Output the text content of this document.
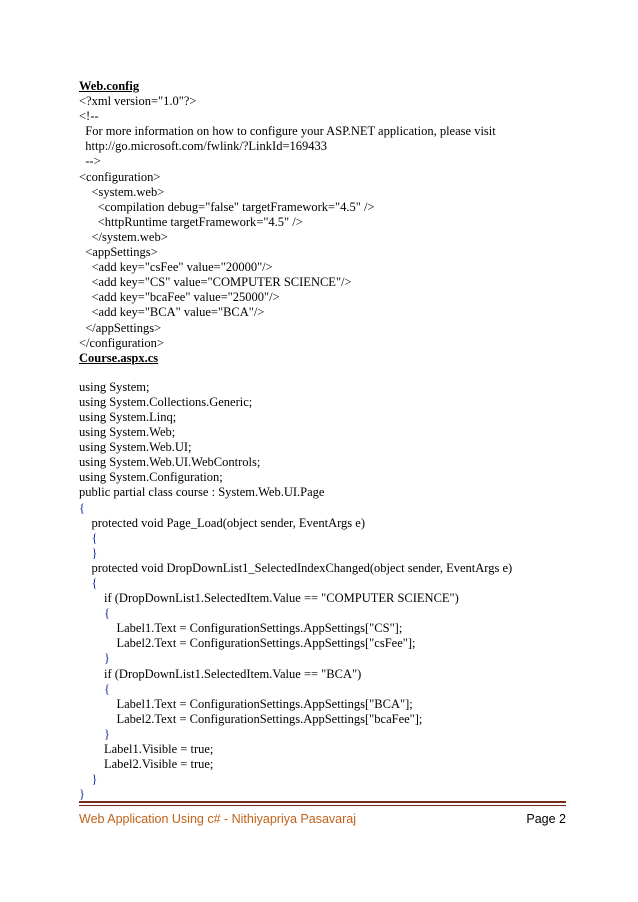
Web.config
<?xml version="1.0"?>
<!--
For more information on how to configure your ASP.NET application, please visit
http://go.microsoft.com/fwlink/?LinkId=169433
-->
<configuration>
<system.web>
<compilation debug="false" targetFramework="4.5" />
<httpRuntime targetFramework="4.5" />
</system.web>
<appSettings>
<add key="csFee" value="20000"/>
<add key="CS" value="COMPUTER SCIENCE"/>
<add key="bcaFee" value="25000"/>
<add key="BCA" value="BCA"/>
</appSettings>
</configuration>
Course.aspx.cs
using System;
using System.Collections.Generic;
using System.Linq;
using System.Web;
using System.Web.UI;
using System.Web.UI.WebControls;
using System.Configuration;
public partial class course : System.Web.UI.Page
{
protected void Page_Load(object sender, EventArgs e)
{
}
protected void DropDownList1_SelectedIndexChanged(object sender, EventArgs e)
{
if (DropDownList1.SelectedItem.Value == "COMPUTER SCIENCE")
{
Label1.Text = ConfigurationSettings.AppSettings["CS"];
Label2.Text = ConfigurationSettings.AppSettings["csFee"];
}
if (DropDownList1.SelectedItem.Value == "BCA")
{
Label1.Text = ConfigurationSettings.AppSettings["BCA"];
Label2.Text = ConfigurationSettings.AppSettings["bcaFee"];
}
Label1.Visible = true;
Label2.Visible = true;
}
}
Web Application Using c# - Nithiyapriya Pasavaraj	Page 2
